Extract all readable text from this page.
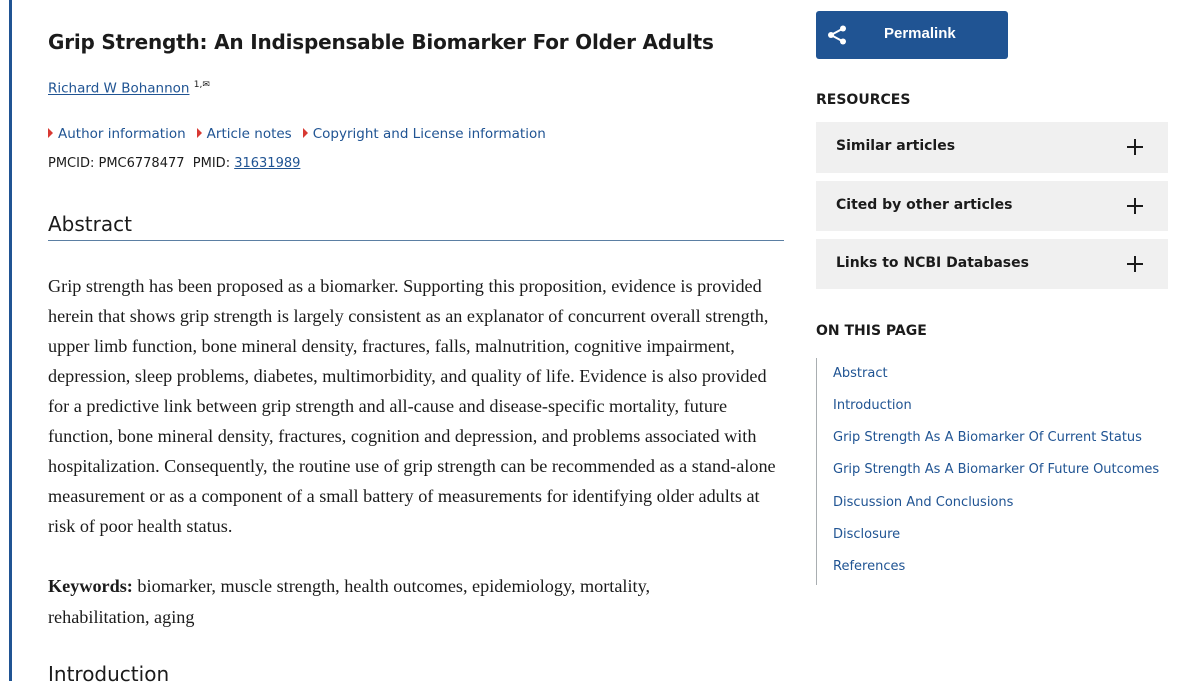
Grip Strength: An Indispensable Biomarker For Older Adults
Richard W Bohannon $^{1,✉}$
Author information	Article notes	Copyright and License information
PMCID: PMC6778477 PMID: 31631989
Abstract
Grip strength has been proposed as a biomarker. Supporting this proposition, evidence is provided herein that shows grip strength is largely consistent as an explanator of concurrent overall strength, upper limb function, bone mineral density, fractures, falls, malnutrition, cognitive impairment, depression, sleep problems, diabetes, multimorbidity, and quality of life. Evidence is also provided for a predictive link between grip strength and all-cause and disease-specific mortality, future function, bone mineral density, fractures, cognition and depression, and problems associated with hospitalization. Consequently, the routine use of grip strength can be recommended as a stand-alone measurement or as a component of a small battery of measurements for identifying older adults at risk of poor health status.
Keywords: biomarker, muscle strength, health outcomes, epidemiology, mortality, rehabilitation, aging
Introduction
Permalink
RESOURCES
Similar articles
Cited by other articles
Links to NCBI Databases
ON THIS PAGE
Abstract
Introduction
Grip Strength As A Biomarker Of Current Status
Grip Strength As A Biomarker Of Future Outcomes
Discussion And Conclusions
Disclosure
References
